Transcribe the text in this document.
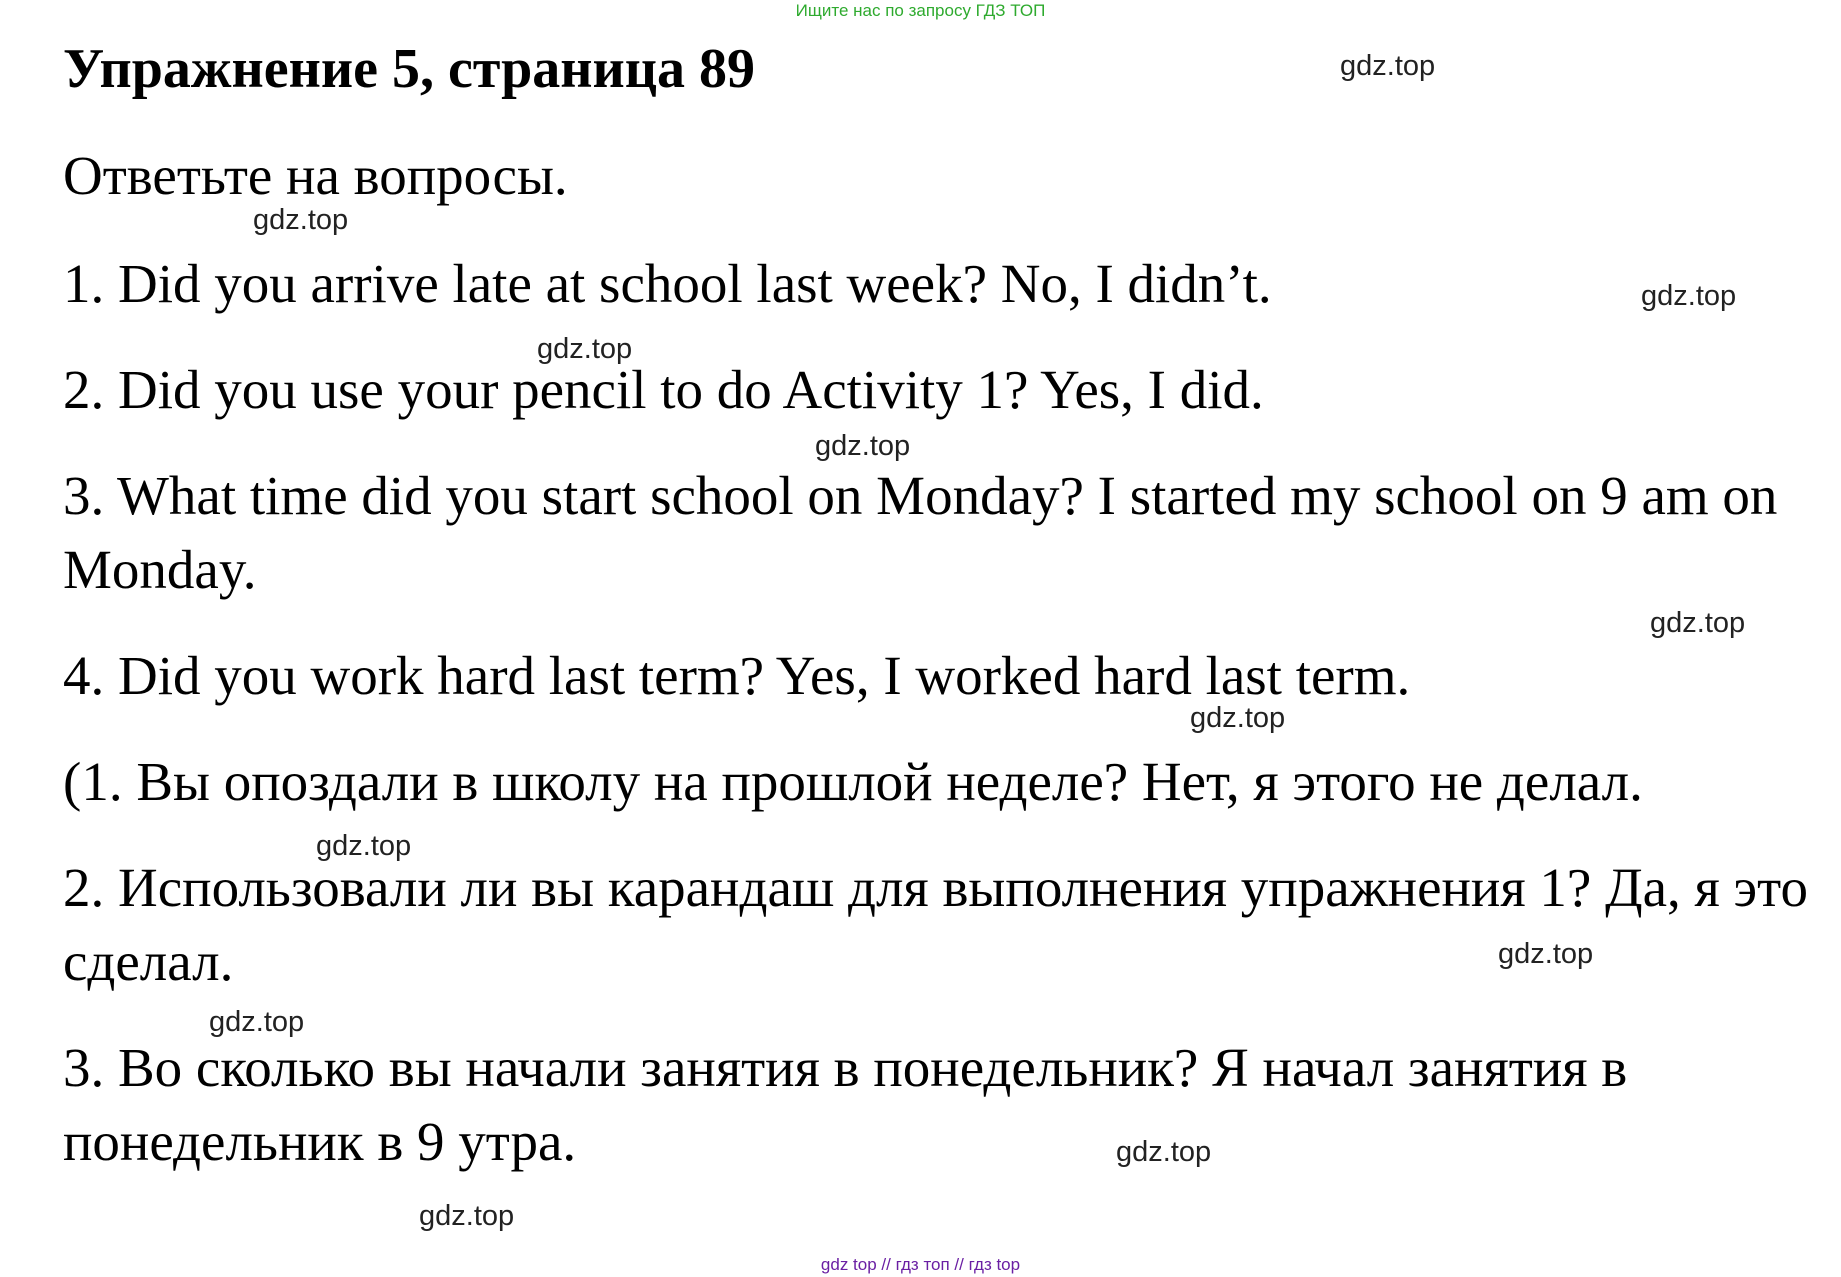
Ищите нас по запросу ГДЗ ТОП
Упражнение 5, страница 89
Ответьте на вопросы.

1. Did you arrive late at school last week? No, I didn’t.

2. Did you use your pencil to do Activity 1? Yes, I did.

3. What time did you start school on Monday? I started my school on 9 am on Monday.

4. Did you work hard last term? Yes, I worked hard last term.

(1. Вы опоздали в школу на прошлой неделе? Нет, я этого не делал.

2. Использовали ли вы карандаш для выполнения упражнения 1? Да, я это сделал.

3. Во сколько вы начали занятия в понедельник? Я начал занятия в понедельник в 9 утра.

gdz.top
gdz.top
gdz.top
gdz.top
gdz.top
gdz.top
gdz.top
gdz.top
gdz.top
gdz.top
gdz.top
gdz.top
gdz top // гдз топ // гдз top
